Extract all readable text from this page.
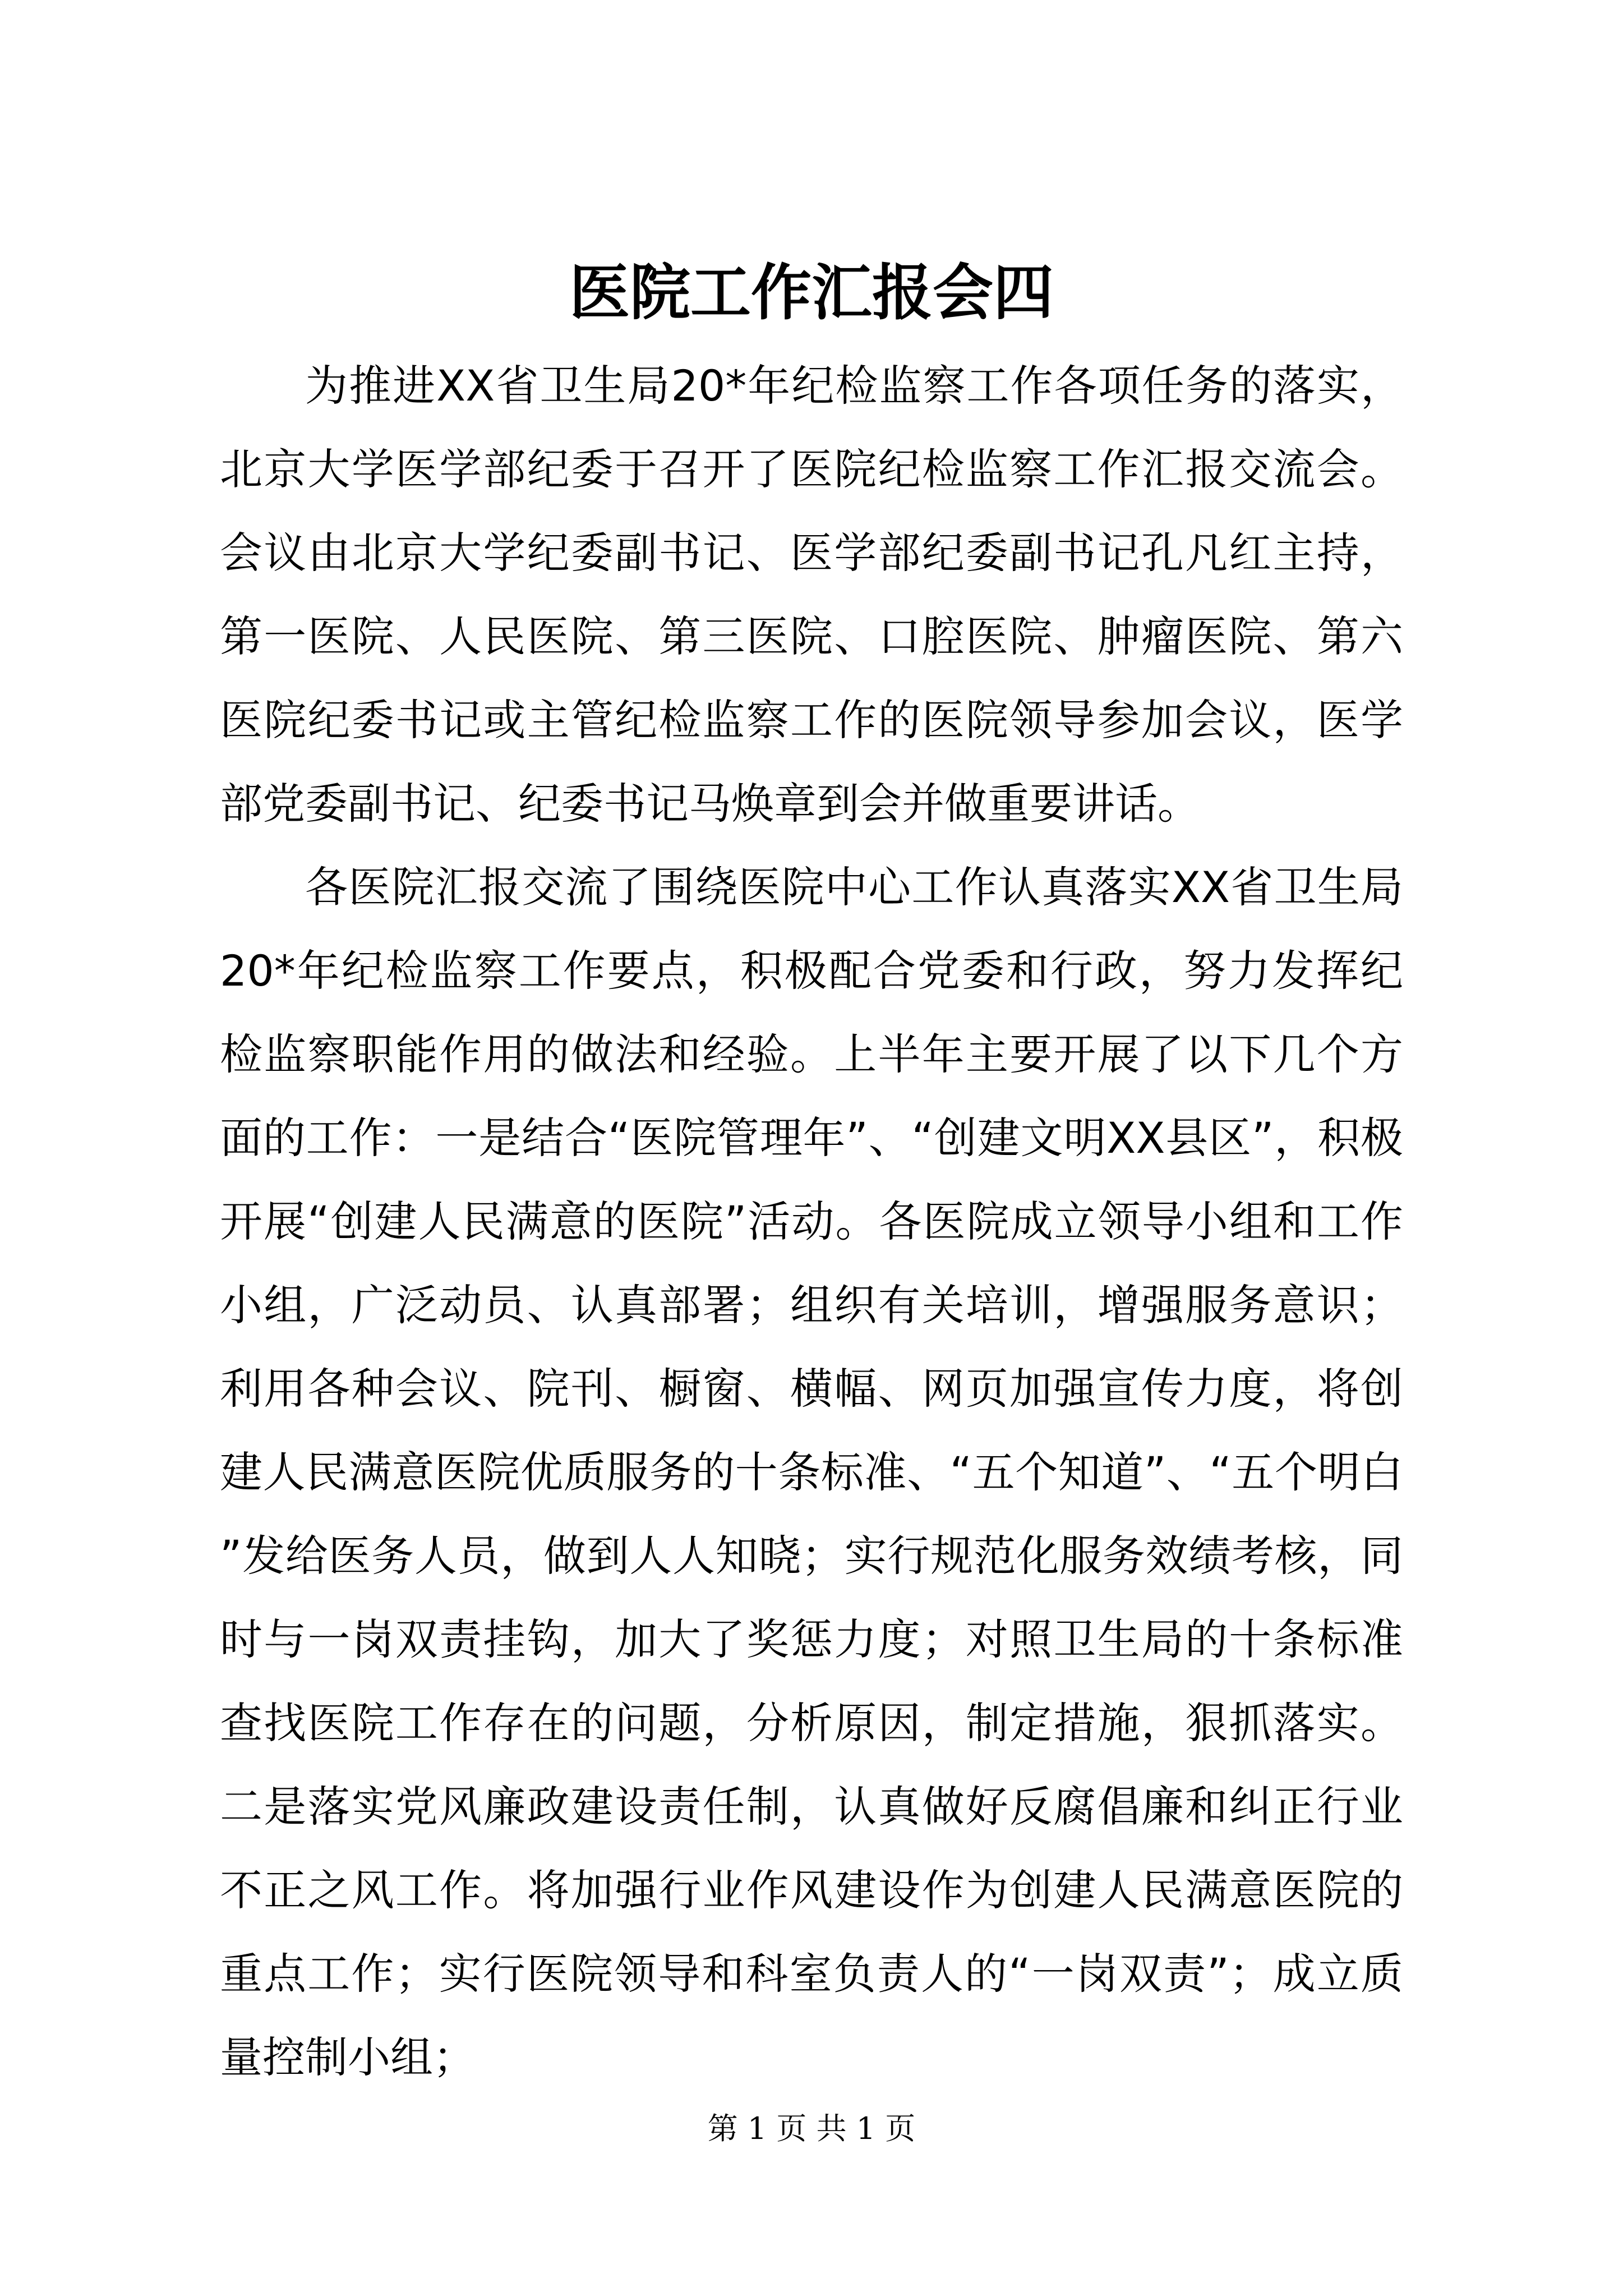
医院工作汇报会四

为推进XX省卫生局20*年纪检监察工作各项任务的落实，北京大学医学部纪委于召开了医院纪检监察工作汇报交流会。会议由北京大学纪委副书记、医学部纪委副书记孔凡红主持，第一医院、人民医院、第三医院、口腔医院、肿瘤医院、第六医院纪委书记或主管纪检监察工作的医院领导参加会议，医学部党委副书记、纪委书记马焕章到会并做重要讲话。

各医院汇报交流了围绕医院中心工作认真落实XX省卫生局20*年纪检监察工作要点，积极配合党委和行政，努力发挥纪检监察职能作用的做法和经验。上半年主要开展了以下几个方面的工作：一是结合“医院管理年”、“创建文明XX县区”，积极开展“创建人民满意的医院”活动。各医院成立领导小组和工作小组，广泛动员、认真部署；组织有关培训，增强服务意识；利用各种会议、院刊、橱窗、横幅、网页加强宣传力度，将创建人民满意医院优质服务的十条标准、“五个知道”、“五个明白”发给医务人员，做到人人知晓；实行规范化服务效绩考核，同时与一岗双责挂钩，加大了奖惩力度；对照卫生局的十条标准查找医院工作存在的问题，分析原因，制定措施，狠抓落实。二是落实党风廉政建设责任制，认真做好反腐倡廉和纠正行业不正之风工作。将加强行业作风建设作为创建人民满意医院的重点工作；实行医院领导和科室负责人的“一岗双责”；成立质量控制小组；

第 1 页 共 1 页
